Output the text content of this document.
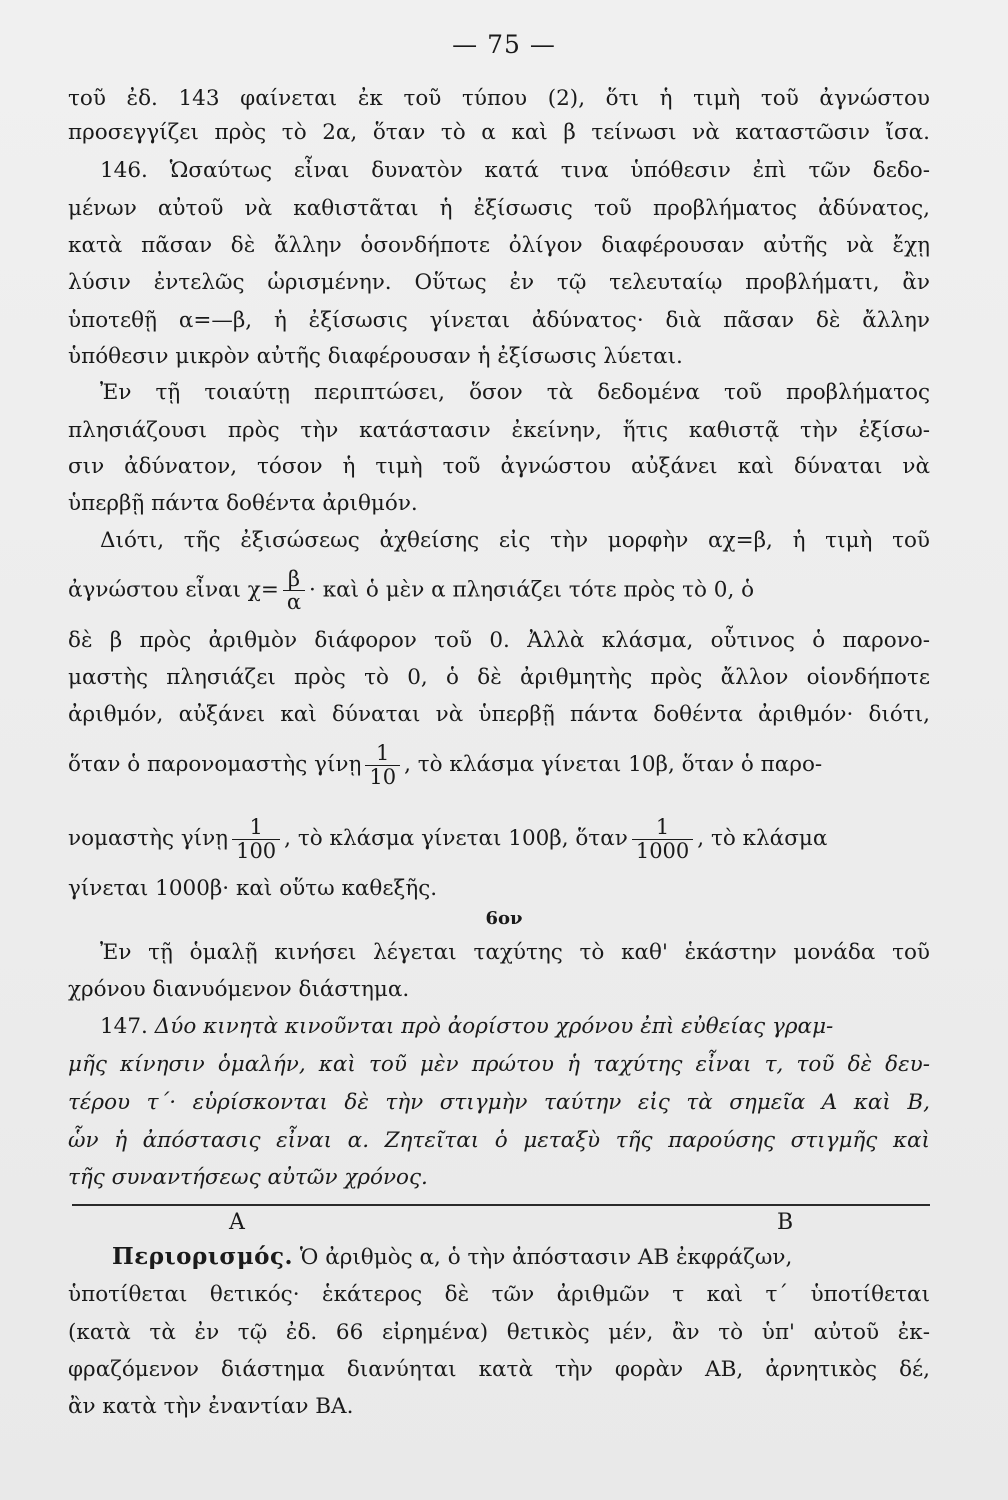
— 75 —
τοῦ ἐδ. 143 φαίνεται ἐκ τοῦ τύπου (2), ὅτι ἡ τιμὴ τοῦ ἀγνώστου
προσεγγίζει πρὸς τὸ 2α, ὅταν τὸ α καὶ β τείνωσι νὰ καταστῶσιν ἴσα.
146. Ὡσαύτως εἶναι δυνατὸν κατά τινα ὑπόθεσιν ἐπὶ τῶν δεδο-
μένων αὐτοῦ νὰ καθιστᾶται ἡ ἐξίσωσις τοῦ προβλήματος ἀδύνατος,
κατὰ πᾶσαν δὲ ἄλλην ὁσονδήποτε ὀλίγον διαφέρουσαν αὐτῆς νὰ ἔχῃ
λύσιν ἐντελῶς ὡρισμένην. Οὕτως ἐν τῷ τελευταίῳ προβλήματι, ἂν
ὑποτεθῇ α=—β, ἡ ἐξίσωσις γίνεται ἀδύνατος· διὰ πᾶσαν δὲ ἄλλην
ὑπόθεσιν μικρὸν αὐτῆς διαφέρουσαν ἡ ἐξίσωσις λύεται.
Ἐν τῇ τοιαύτῃ περιπτώσει, ὅσον τὰ δεδομένα τοῦ προβλήματος
πλησιάζουσι πρὸς τὴν κατάστασιν ἐκείνην, ἥτις καθιστᾷ τὴν ἐξίσω-
σιν ἀδύνατον, τόσον ἡ τιμὴ τοῦ ἀγνώστου αὐξάνει καὶ δύναται νὰ
ὑπερβῇ πάντα δοθέντα ἀριθμόν.
Διότι, τῆς ἐξισώσεως ἀχθείσης εἰς τὴν μορφὴν αχ=β, ἡ τιμὴ τοῦ
ἀγνώστου εἶναι $\chi= \frac{\beta}{\alpha}$ · καὶ ὁ μὲν α πλησιάζει τότε πρὸς τὸ 0, ὁ
δὲ β πρὸς ἀριθμὸν διάφορον τοῦ 0. Ἀλλὰ κλάσμα, οὗτινος ὁ παρονο-
μαστὴς πλησιάζει πρὸς τὸ 0, ὁ δὲ ἀριθμητὴς πρὸς ἄλλον οἱονδήποτε
ἀριθμόν, αὐξάνει καὶ δύναται νὰ ὑπερβῇ πάντα δοθέντα ἀριθμόν· διότι,
ὅταν ὁ παρονομαστὴς γίνῃ $\frac{1}{10}$ , τὸ κλάσμα γίνεται 10β, ὅταν ὁ παρο-
νομαστὴς γίνῃ $\frac{1}{100}$ , τὸ κλάσμα γίνεται 100β, ὅταν $\frac{1}{1000}$ , τὸ κλάσμα
γίνεται 1000β· καὶ οὕτω καθεξῆς.
6ον
Ἐν τῇ ὁμαλῇ κινήσει λέγεται ταχύτης τὸ καθ' ἑκάστην μονάδα τοῦ
χρόνου διανυόμενον διάστημα.
147. Δύο κινητὰ κινοῦνται πρὸ ἀορίστου χρόνου ἐπὶ εὐθείας γραμ-
μῆς κίνησιν ὁμαλήν, καὶ τοῦ μὲν πρώτου ἡ ταχύτης εἶναι τ, τοῦ δὲ δευ-
τέρου τ΄· εὑρίσκονται δὲ τὴν στιγμὴν ταύτην εἰς τὰ σημεῖα Α καὶ Β,
ὧν ἡ ἀπόστασις εἶναι α. Ζητεῖται ὁ μεταξὺ τῆς παρούσης στιγμῆς καὶ
τῆς συναντήσεως αὐτῶν χρόνος.
Α	Β
Περιορισμός. Ὁ ἀριθμὸς α, ὁ τὴν ἀπόστασιν ΑΒ ἐκφράζων,
ὑποτίθεται θετικός· ἑκάτερος δὲ τῶν ἀριθμῶν τ καὶ τ΄ ὑποτίθεται
(κατὰ τὰ ἐν τῷ ἐδ. 66 εἰρημένα) θετικὸς μέν, ἂν τὸ ὑπ' αὐτοῦ ἐκ-
φραζόμενον διάστημα διανύηται κατὰ τὴν φορὰν ΑΒ, ἀρνητικὸς δέ,
ἂν κατὰ τὴν ἐναντίαν ΒΑ.
